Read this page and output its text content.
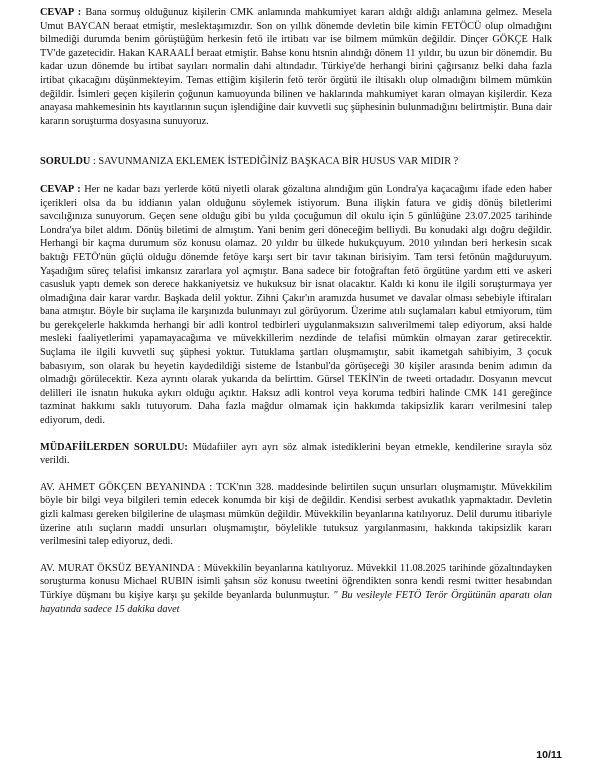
CEVAP : Bana sormuş olduğunuz kişilerin CMK anlamında mahkumiyet kararı aldığı aldığı anlamına gelmez. Mesela Umut BAYCAN beraat etmiştir, meslektaşımızdır. Son on yıllık dönemde devletin bile kimin FETÖCÜ olup olmadığını bilmediği durumda benim görüştüğüm herkesin fetö ile irtibatı var ise bilmem mümkün değildir. Dinçer GÖKÇE Halk TV'de gazetecidir. Hakan KARAALİ beraat etmiştir. Bahse konu htsnin alındığı dönem 11 yıldır, bu uzun bir dönemdir. Bu kadar uzun dönemde bu irtibat sayıları normalin dahi altındadır. Türkiye'de herhangi birini çağırsanız belki daha fazla irtibat çıkacağını düşünmekteyim. Temas ettiğim kişilerin fetö terör örgütü ile iltisaklı olup olmadığını bilmem mümkün değildir. İsimleri geçen kişilerin çoğunun kamuoyunda bilinen ve haklarında mahkumiyet kararı olmayan kişilerdir. Keza anayasa mahkemesinin hts kayıtlarının suçun işlendiğine dair kuvvetli suç şüphesinin bulunmadığını belirtmiştir. Buna dair kararın soruşturma dosyasına sunuyoruz.

SORULDU : SAVUNMANIZA EKLEMEK İSTEDİĞİNİZ BAŞKACA BİR HUSUS VAR MIDIR ?

CEVAP : Her ne kadar bazı yerlerde kötü niyetli olarak gözaltına alındığım gün Londra'ya kaçacağımı ifade eden haber içerikleri olsa da bu iddianın yalan olduğunu söylemek istiyorum. Buna ilişkin fatura ve gidiş dönüş biletlerimi savcılığınıza sunuyorum. Geçen sene olduğu gibi bu yılda çocuğumun dil okulu için 5 günlüğüne 23.07.2025 tarihinde Londra'ya bilet aldım. Dönüş biletimi de almıştım. Yani benim geri döneceğim belliydi. Bu konudaki algı doğru değildir. Herhangi bir kaçma durumum söz konusu olamaz. 20 yıldır bu ülkede hukukçuyum. 2010 yılından beri herkesin sıcak baktığı FETÖ'nün güçlü olduğu dönemde fetöye karşı sert bir tavır takınan birisiyim. Tam tersi fetönün mağduruyum. Yaşadığım süreç telafisi imkansız zararlara yol açmıştır. Bana sadece bir fotoğraftan fetö örgütüne yardım etti ve askeri casusluk yaptı demek son derece hakkaniyetsiz ve hukuksuz bir isnat olacaktır. Kaldı ki konu ile ilgili soruşturmaya yer olmadığına dair karar vardır. Başkada delil yoktur. Zihni Çakır'ın aramızda husumet ve davalar olması sebebiyle iftiraları bana atmıştır. Böyle bir suçlama ile karşınızda bulunmayı zul görüyorum. Üzerime atılı suçlamaları kabul etmiyorum, tüm bu gerekçelerle hakkımda herhangi bir adli kontrol tedbirleri uygulanmaksızın salıverilmemi talep ediyorum, aksi halde mesleki faaliyetlerimi yapamayacağıma ve müvekkillerim nezdinde de telafisi mümkün olmayan zarar getirecektir. Suçlama ile ilgili kuvvetli suç şüphesi yoktur. Tutuklama şartları oluşmamıştır, sabit ikametgah sahibiyim, 3 çocuk babasıyım, son olarak bu heyetin kaydedildiği sisteme de İstanbul'da görüşeceği 30 kişiler arasında benim adımın da olmadığı görülecektir. Keza ayrıntı olarak yukarıda da belirttim. Gürsel TEKİN'in de tweeti ortadadır. Dosyanın mevcut delilleri ile isnatın hukuka aykırı olduğu açıktır. Haksız adli kontrol veya koruma tedbiri halinde CMK 141 gereğince tazminat hakkımı saklı tutuyorum. Daha fazla mağdur olmamak için hakkımda takipsizlik kararı verilmesini talep ediyorum, dedi.

MÜDAFİİLERDEN SORULDU: Müdafiiler ayrı ayrı söz almak istediklerini beyan etmekle, kendilerine sırayla söz verildi.

AV. AHMET GÖKÇEN BEYANINDA : TCK'nın 328. maddesinde belirtilen suçun unsurları oluşmamıştır. Müvekkilim böyle bir bilgi veya bilgileri temin edecek konumda bir kişi de değildir. Kendisi serbest avukatlık yapmaktadır. Devletin gizli kalması gereken bilgilerine de ulaşması mümkün değildir. Müvekkilin beyanlarına katılıyoruz. Delil durumu itibariyle üzerine atılı suçların maddi unsurları oluşmamıştır, böylelikle tutuksuz yargılanmasını, hakkında takipsizlik kararı verilmesini talep ediyoruz, dedi.

AV. MURAT ÖKSÜZ BEYANINDA : Müvekkilin beyanlarına katılıyoruz. Müvekkil 11.08.2025 tarihinde gözaltındayken soruşturma konusu Michael RUBIN isimli şahsın söz konusu tweetini öğrendikten sonra kendi resmi twitter hesabından Türkiye düşmanı bu kişiye karşı şu şekilde beyanlarda bulunmuştur. " Bu vesileyle FETÖ Terör Örgütünün aparatı olan hayatında sadece 15 dakika davet

10/11
